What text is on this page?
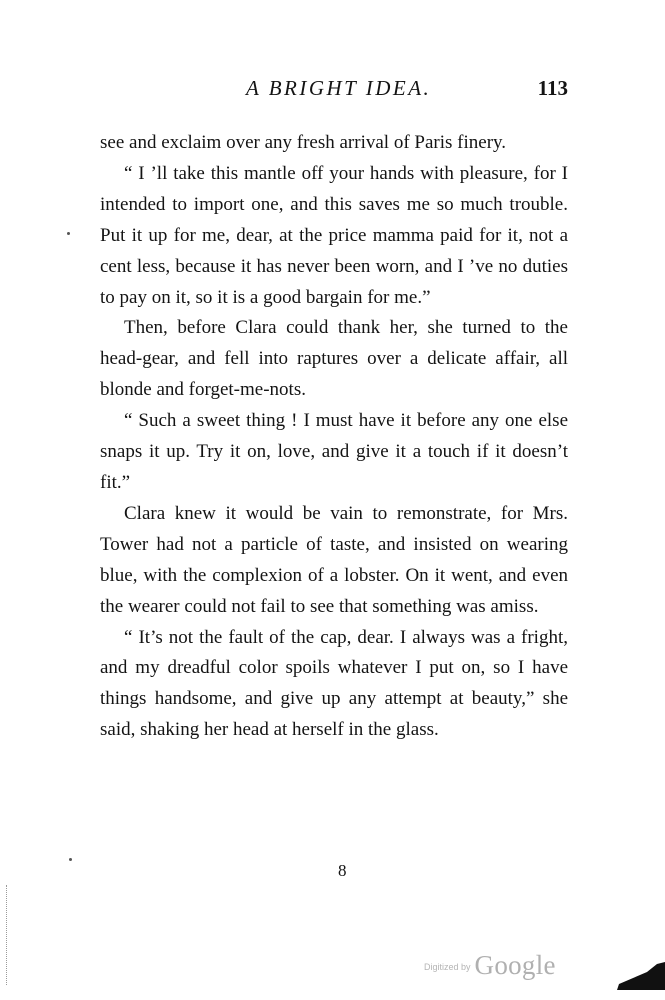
A BRIGHT IDEA.	113

see and exclaim over any fresh arrival of Paris finery.

“ I ’ll take this mantle off your hands with pleasure, for I intended to import one, and this saves me so much trouble. Put it up for me, dear, at the price mamma paid for it, not a cent less, because it has never been worn, and I ’ve no duties to pay on it, so it is a good bargain for me.”

Then, before Clara could thank her, she turned to the head-gear, and fell into raptures over a delicate affair, all blonde and forget-me-nots.

“ Such a sweet thing ! I must have it before any one else snaps it up. Try it on, love, and give it a touch if it doesn’t fit.”

Clara knew it would be vain to remonstrate, for Mrs. Tower had not a particle of taste, and insisted on wearing blue, with the complexion of a lobster. On it went, and even the wearer could not fail to see that something was amiss.

“ It’s not the fault of the cap, dear. I always was a fright, and my dreadful color spoils whatever I put on, so I have things handsome, and give up any attempt at beauty,” she said, shaking her head at herself in the glass.

8
$^{Digitized by}$ Google
